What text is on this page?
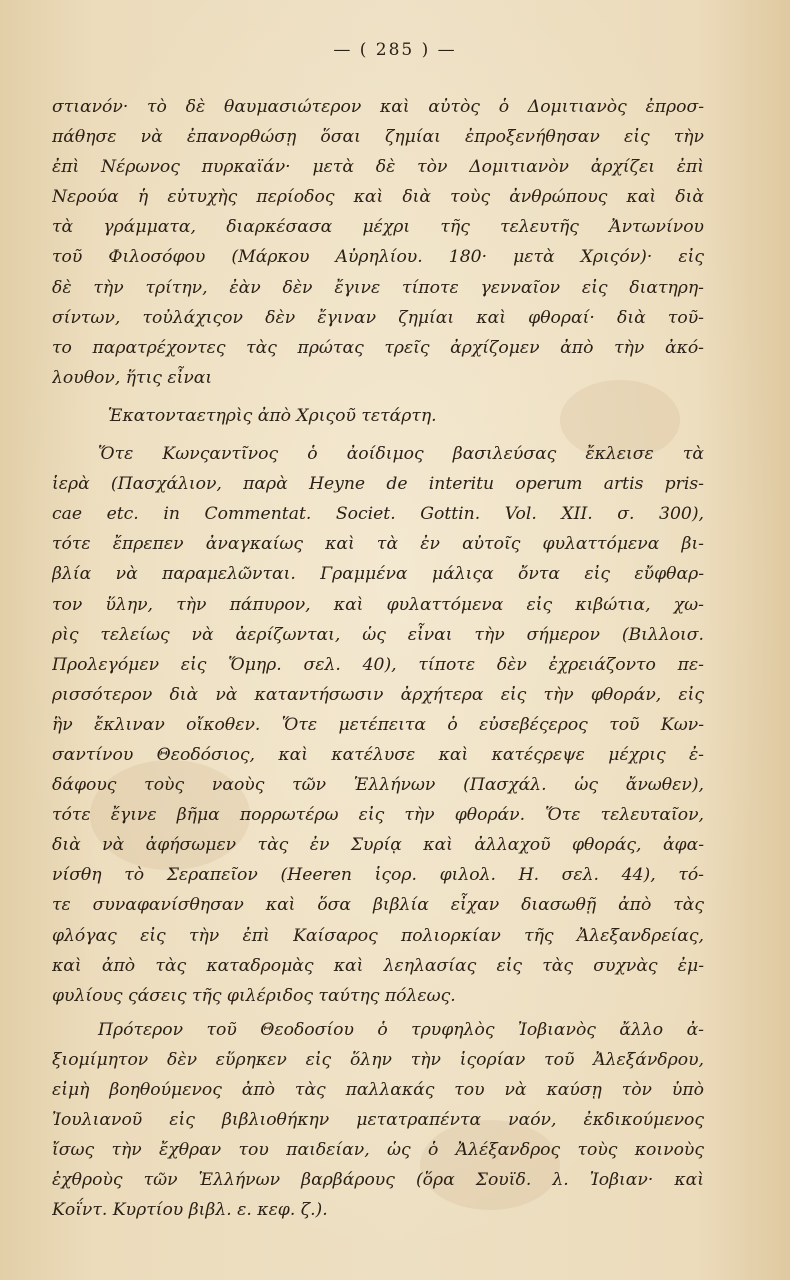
— ( 285 ) —
στιανόν· τὸ δὲ θαυμασιώτερον καὶ αὐτὸς ὁ Δομιτιανὸς ἐπροσ-
πάθησε νὰ ἐπανορθώσῃ ὅσαι ζημίαι ἐπροξενήθησαν εἰς τὴν
ἐπὶ Νέρωνος πυρκαϊάν· μετὰ δὲ τὸν Δομιτιανὸν ἀρχίζει ἐπὶ
Νερούα ἡ εὐτυχὴς περίοδος καὶ διὰ τοὺς ἀνθρώπους καὶ διὰ
τὰ γράμματα, διαρκέσασα μέχρι τῆς τελευτῆς Ἀντωνίνου
τοῦ Φιλοσόφου (Μάρκου Αὐρηλίου. 180· μετὰ Χριςόν)· εἰς
δὲ τὴν τρίτην, ἐὰν δὲν ἔγινε τίποτε γενναῖον εἰς διατηρη-
σίντων, τοὐλάχιςον δὲν ἔγιναν ζημίαι καὶ φθοραί· διὰ τοῦ-
το παρατρέχοντες τὰς πρώτας τρεῖς ἀρχίζομεν ἀπὸ τὴν ἀκό-
λουθον, ἥτις εἶναι
Ἑκατονταετηρὶς ἀπὸ Χριςοῦ τετάρτη.
Ὅτε Κωνςαντῖνος ὁ ἀοίδιμος βασιλεύσας ἔκλεισε τὰ
ἱερὰ (Πασχάλιον, παρὰ Heyne de interitu operum artis pris-
cae etc. in Commentat. Societ. Gottin. Vol. XII. σ. 300),
τότε ἔπρεπεν ἀναγκαίως καὶ τὰ ἐν αὐτοῖς φυλαττόμενα βι-
βλία νὰ παραμελῶνται. Γραμμένα μάλιςα ὄντα εἰς εὔφθαρ-
τον ὕλην, τὴν πάπυρον, καὶ φυλαττόμενα εἰς κιβώτια, χω-
ρὶς τελείως νὰ ἀερίζωνται, ὡς εἶναι τὴν σήμερον (Βιλλοισ.
Προλεγόμεν εἰς Ὅμηρ. σελ. 40), τίποτε δὲν ἐχρειάζοντο πε-
ρισσότερον διὰ νὰ καταντήσωσιν ἀρχήτερα εἰς τὴν φθοράν, εἰς
ἣν ἔκλιναν οἴκοθεν. Ὅτε μετέπειτα ὁ εὐσεβέςερος τοῦ Κων-
σαντίνου Θεοδόσιος, καὶ κατέλυσε καὶ κατέςρεψε μέχρις ἐ-
δάφους τοὺς ναοὺς τῶν Ἑλλήνων (Πασχάλ. ὡς ἄνωθεν),
τότε ἔγινε βῆμα πορρωτέρω εἰς τὴν φθοράν. Ὅτε τελευταῖον,
διὰ νὰ ἀφήσωμεν τὰς ἐν Συρίᾳ καὶ ἀλλαχοῦ φθοράς, ἀφα-
νίσθη τὸ Σεραπεῖον (Heeren ἱςορ. φιλολ. Η. σελ. 44), τό-
τε συναφανίσθησαν καὶ ὅσα βιβλία εἶχαν διασωθῇ ἀπὸ τὰς
φλόγας εἰς τὴν ἐπὶ Καίσαρος πολιορκίαν τῆς Ἀλεξανδρείας,
καὶ ἀπὸ τὰς καταδρομὰς καὶ λεηλασίας εἰς τὰς συχνὰς ἐμ-
φυλίους ςάσεις τῆς φιλέριδος ταύτης πόλεως.
Πρότερον τοῦ Θεοδοσίου ὁ τρυφηλὸς Ἰοβιανὸς ἄλλο ἀ-
ξιομίμητον δὲν εὕρηκεν εἰς ὅλην τὴν ἱςορίαν τοῦ Ἀλεξάνδρου,
εἰμὴ βοηθούμενος ἀπὸ τὰς παλλακάς του νὰ καύσῃ τὸν ὑπὸ
Ἰουλιανοῦ εἰς βιβλιοθήκην μετατραπέντα ναόν, ἐκδικούμενος
ἴσως τὴν ἔχθραν του παιδείαν, ὡς ὁ Ἀλέξανδρος τοὺς κοινοὺς
ἐχθροὺς τῶν Ἑλλήνων βαρβάρους (ὅρα Σουϊδ. λ. Ἰοβιαν· καὶ
Κοΐντ. Κυρτίου βιβλ. ε. κεφ. ζ.).
